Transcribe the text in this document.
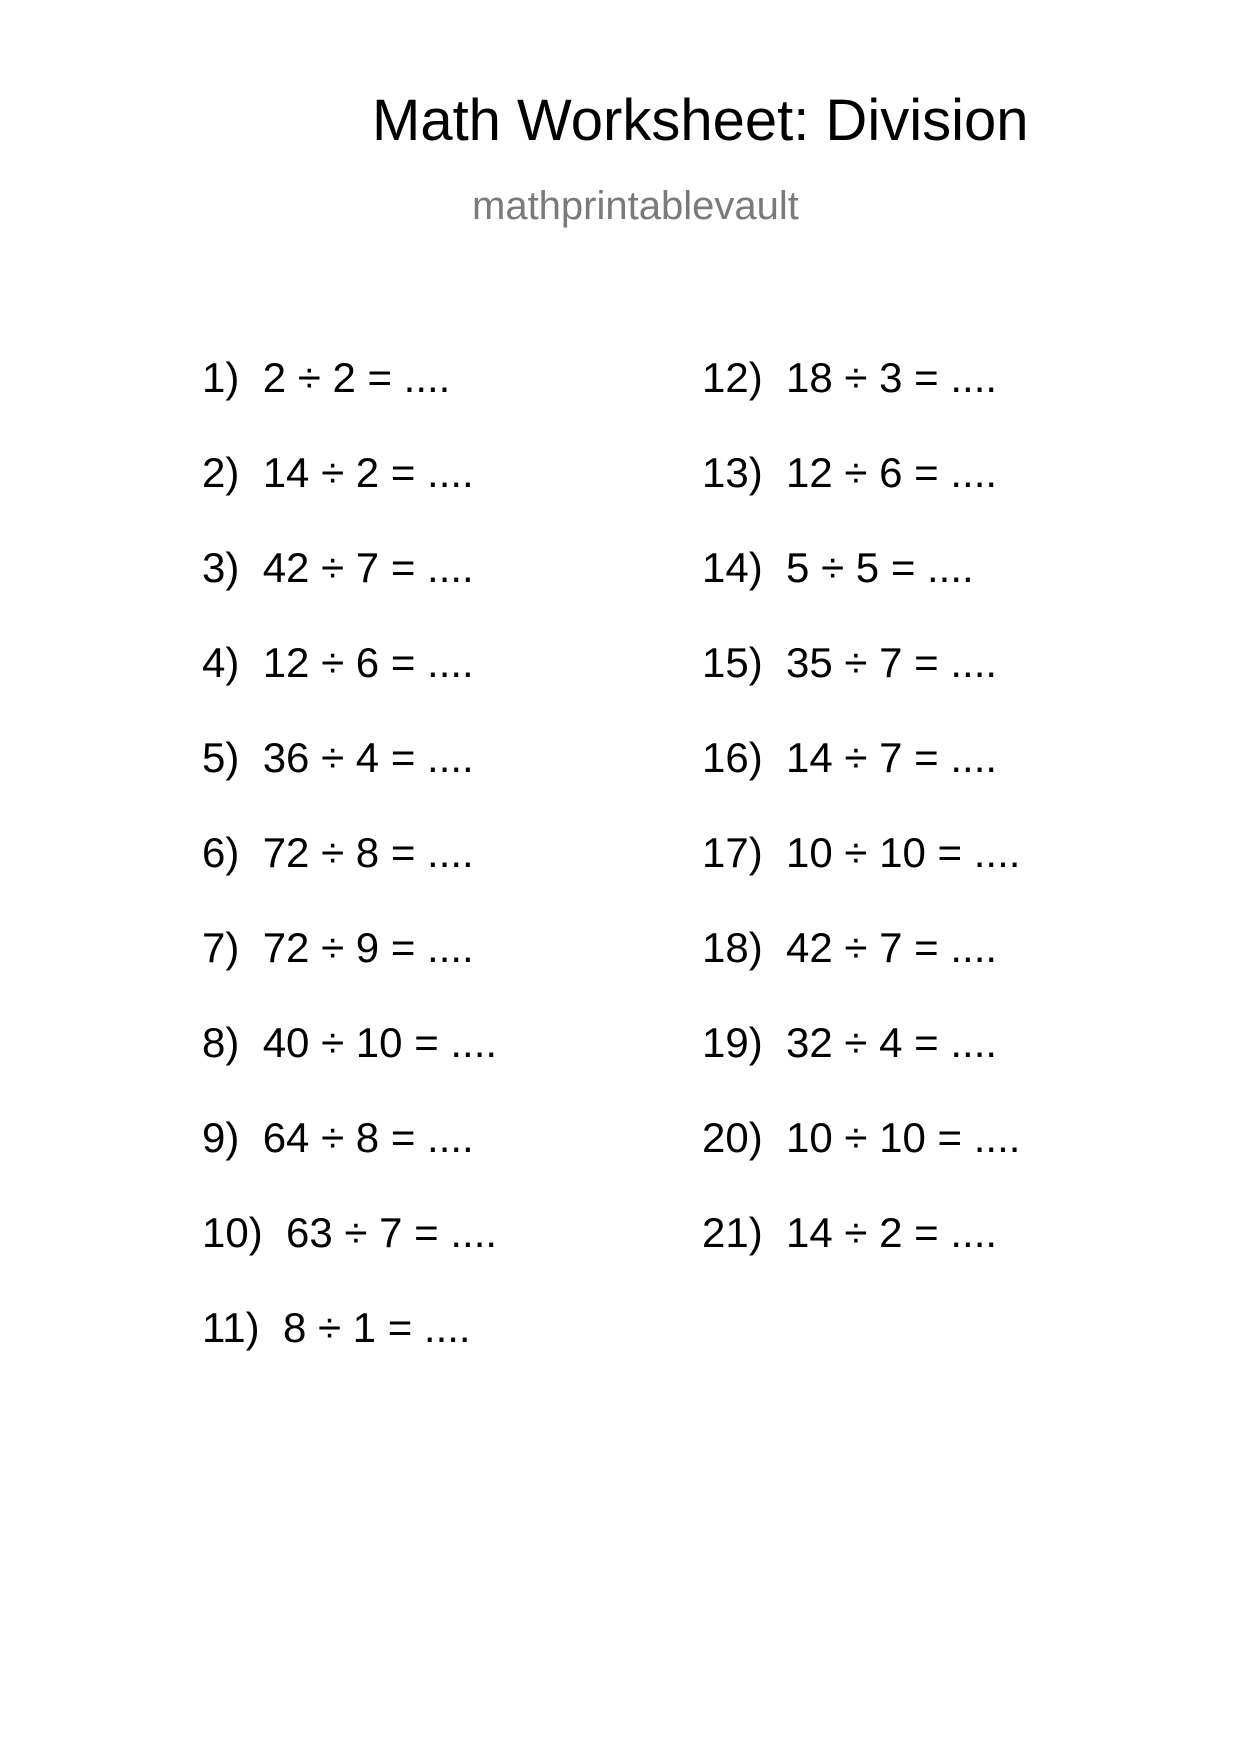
Math Worksheet: Division
mathprintablevault
1) 2 ÷ 2 = ....
2) 14 ÷ 2 = ....
3) 42 ÷ 7 = ....
4) 12 ÷ 6 = ....
5) 36 ÷ 4 = ....
6) 72 ÷ 8 = ....
7) 72 ÷ 9 = ....
8) 40 ÷ 10 = ....
9) 64 ÷ 8 = ....
10) 63 ÷ 7 = ....
11) 8 ÷ 1 = ....
12) 18 ÷ 3 = ....
13) 12 ÷ 6 = ....
14) 5 ÷ 5 = ....
15) 35 ÷ 7 = ....
16) 14 ÷ 7 = ....
17) 10 ÷ 10 = ....
18) 42 ÷ 7 = ....
19) 32 ÷ 4 = ....
20) 10 ÷ 10 = ....
21) 14 ÷ 2 = ....
